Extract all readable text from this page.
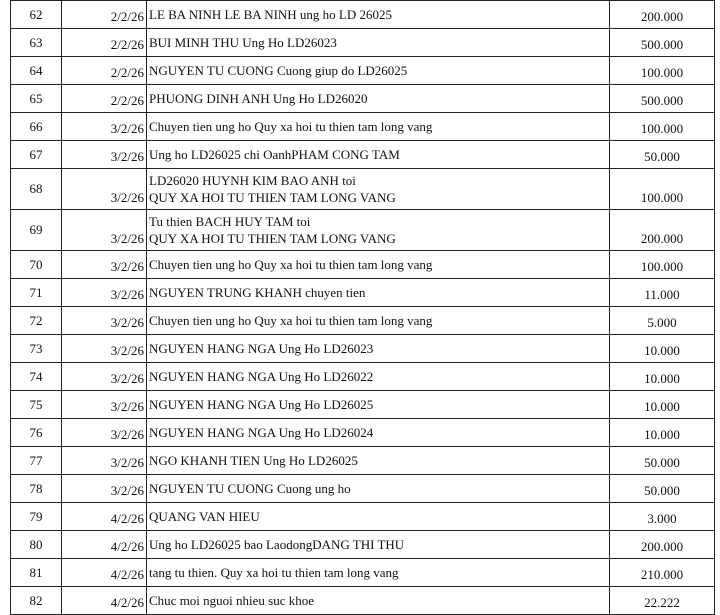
62	2/2/26	LE BA NINH LE BA NINH ung ho LD 26025	200.000
63	2/2/26	BUI MINH THU Ung Ho LD26023	500.000
64	2/2/26	NGUYEN TU CUONG Cuong giup do LD26025	100.000
65	2/2/26	PHUONG DINH ANH Ung Ho LD26020	500.000
66	3/2/26	Chuyen tien ung ho Quy xa hoi tu thien tam long vang	100.000
67	3/2/26	Ung ho LD26025 chi OanhPHAM CONG TAM	50.000
68	3/2/26	LD26020 HUYNH KIM BAO ANH toi
QUY XA HOI TU THIEN TAM LONG VANG	100.000
69	3/2/26	Tu thien BACH HUY TAM toi
QUY XA HOI TU THIEN TAM LONG VANG	200.000
70	3/2/26	Chuyen tien ung ho Quy xa hoi tu thien tam long vang	100.000
71	3/2/26	NGUYEN TRUNG KHANH chuyen tien	11.000
72	3/2/26	Chuyen tien ung ho Quy xa hoi tu thien tam long vang	5.000
73	3/2/26	NGUYEN HANG NGA Ung Ho LD26023	10.000
74	3/2/26	NGUYEN HANG NGA Ung Ho LD26022	10.000
75	3/2/26	NGUYEN HANG NGA Ung Ho LD26025	10.000
76	3/2/26	NGUYEN HANG NGA Ung Ho LD26024	10.000
77	3/2/26	NGO KHANH TIEN Ung Ho LD26025	50.000
78	3/2/26	NGUYEN TU CUONG Cuong ung ho	50.000
79	4/2/26	QUANG VAN HIEU	3.000
80	4/2/26	Ung ho LD26025 bao LaodongDANG THI THU	200.000
81	4/2/26	tang tu thien. Quy xa hoi tu thien tam long vang	210.000
82	4/2/26	Chuc moi nguoi nhieu suc khoe	22.222
